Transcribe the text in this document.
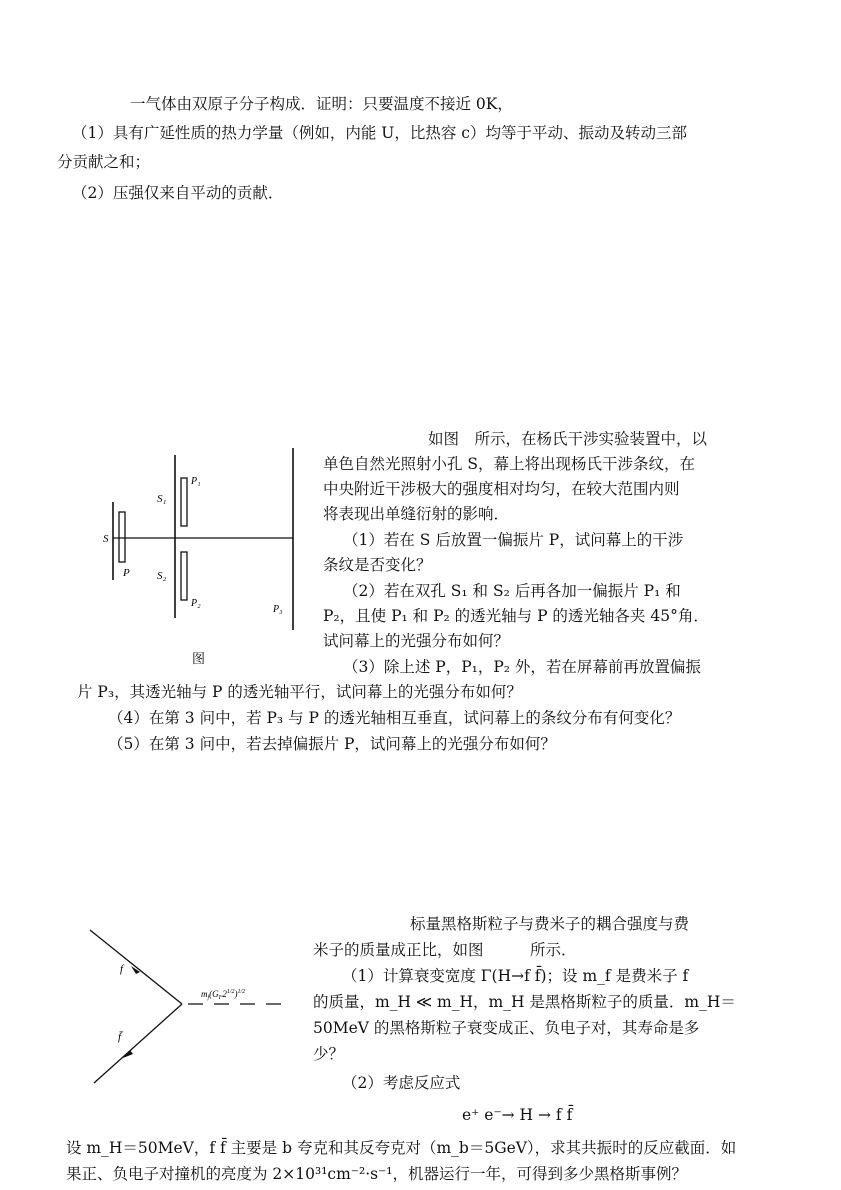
一气体由双原子分子构成．证明：只要温度不接近 0K，
（1）具有广延性质的热力学量（例如，内能 U，比热容 c）均等于平动、振动及转动三部
分贡献之和；
（2）压强仅来自平动的贡献．
S
P
S₁
S₂
P₁
P₂
P₃
图
如图　所示，在杨氏干涉实验装置中，以
单色自然光照射小孔 S，幕上将出现杨氏干涉条纹，在
中央附近干涉极大的强度相对均匀，在较大范围内则
将表现出单缝衍射的影响．
（1）若在 S 后放置一偏振片 P，试问幕上的干涉
条纹是否变化？
（2）若在双孔 S₁ 和 S₂ 后再各加一偏振片 P₁ 和
P₂，且使 P₁ 和 P₂ 的透光轴与 P 的透光轴各夹 45°角．
试问幕上的光强分布如何？
（3）除上述 P，P₁，P₂ 外，若在屏幕前再放置偏振
片 P₃，其透光轴与 P 的透光轴平行，试问幕上的光强分布如何？
（4）在第 3 问中，若 P₃ 与 P 的透光轴相互垂直，试问幕上的条纹分布有何变化？
（5）在第 3 问中，若去掉偏振片 P，试问幕上的光强分布如何？
f
f̄
$m_f(G_F2^{1/2})^{1/2}$
标量黑格斯粒子与费米子的耦合强度与费
米子的质量成正比，如图　　　所示．
（1）计算衰变宽度 Γ(H→f f̄)；设 m_f 是费米子 f
的质量，m_H ≪ m_H，m_H 是黑格斯粒子的质量．m_H＝
50MeV 的黑格斯粒子衰变成正、负电子对，其寿命是多
少？
（2）考虑反应式
e⁺ e⁻→ H → f f̄
设 m_H＝50MeV，f f̄ 主要是 b 夸克和其反夸克对（m_b＝5GeV），求其共振时的反应截面．如
果正、负电子对撞机的亮度为 2×10³¹cm⁻²·s⁻¹，机器运行一年，可得到多少黑格斯事例？
